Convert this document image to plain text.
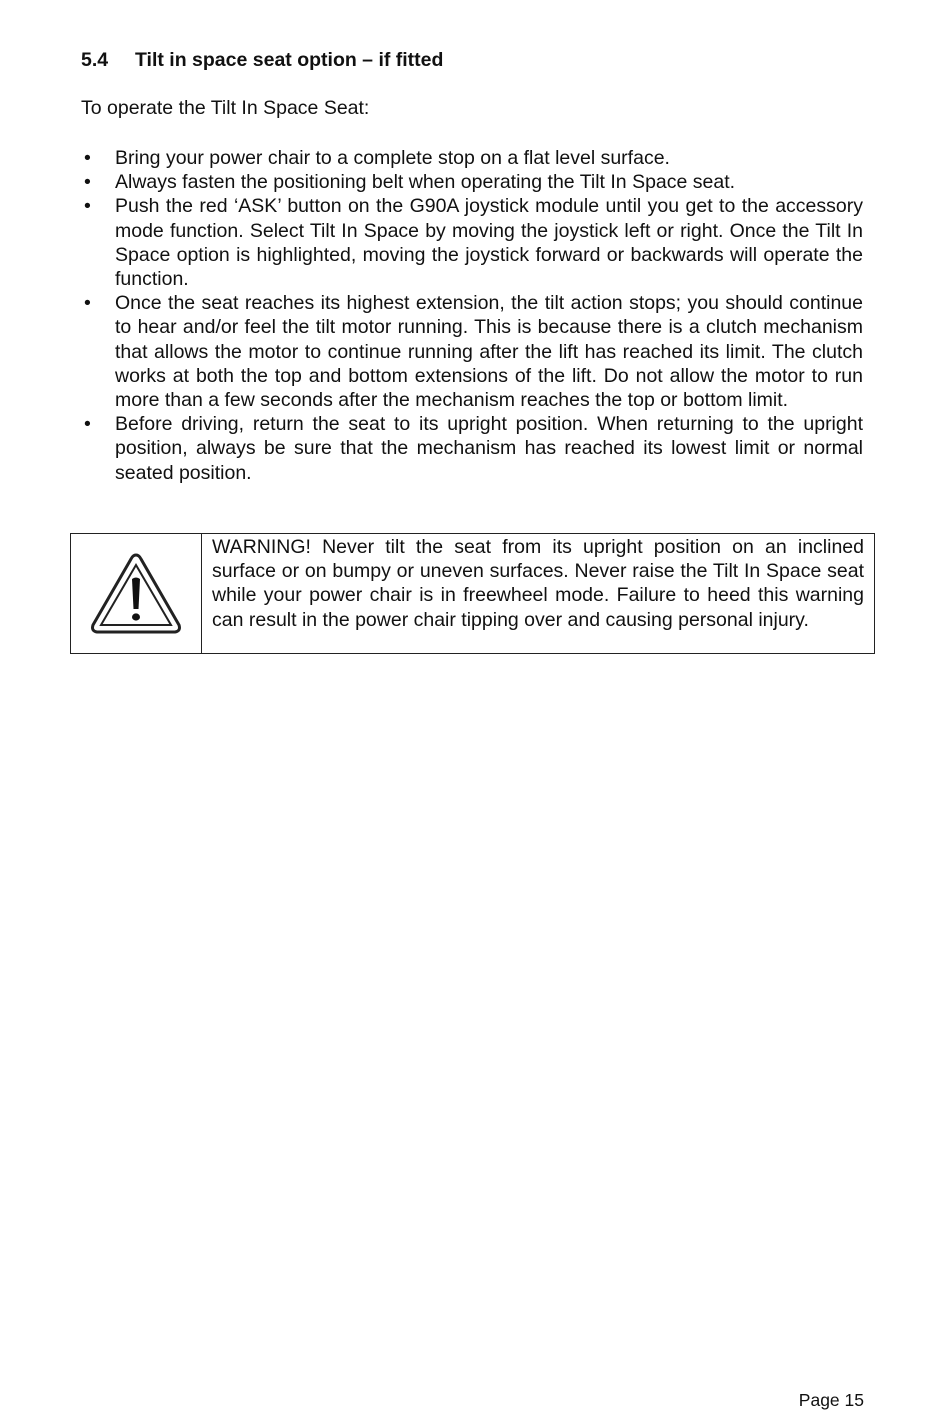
5.4	Tilt in space seat option – if fitted
To operate the Tilt In Space Seat:
• Bring your power chair to a complete stop on a flat level surface.
• Always fasten the positioning belt when operating the Tilt In Space seat.
• Push the red ‘ASK’ button on the G90A joystick module until you get to the accessory mode function. Select Tilt In Space by moving the joystick left or right. Once the Tilt In Space option is highlighted, moving the joystick forward or backwards will operate the function.
• Once the seat reaches its highest extension, the tilt action stops; you should continue to hear and/or feel the tilt motor running. This is because there is a clutch mechanism that allows the motor to continue running after the lift has reached its limit. The clutch works at both the top and bottom extensions of the lift. Do not allow the motor to run more than a few seconds after the mechanism reaches the top or bottom limit.
• Before driving, return the seat to its upright position. When returning to the upright position, always be sure that the mechanism has reached its lowest limit or normal seated position.
WARNING! Never tilt the seat from its upright position on an inclined surface or on bumpy or uneven surfaces. Never raise the Tilt In Space seat while your power chair is in freewheel mode. Failure to heed this warning can result in the power chair tipping over and causing personal injury.
Page 15
